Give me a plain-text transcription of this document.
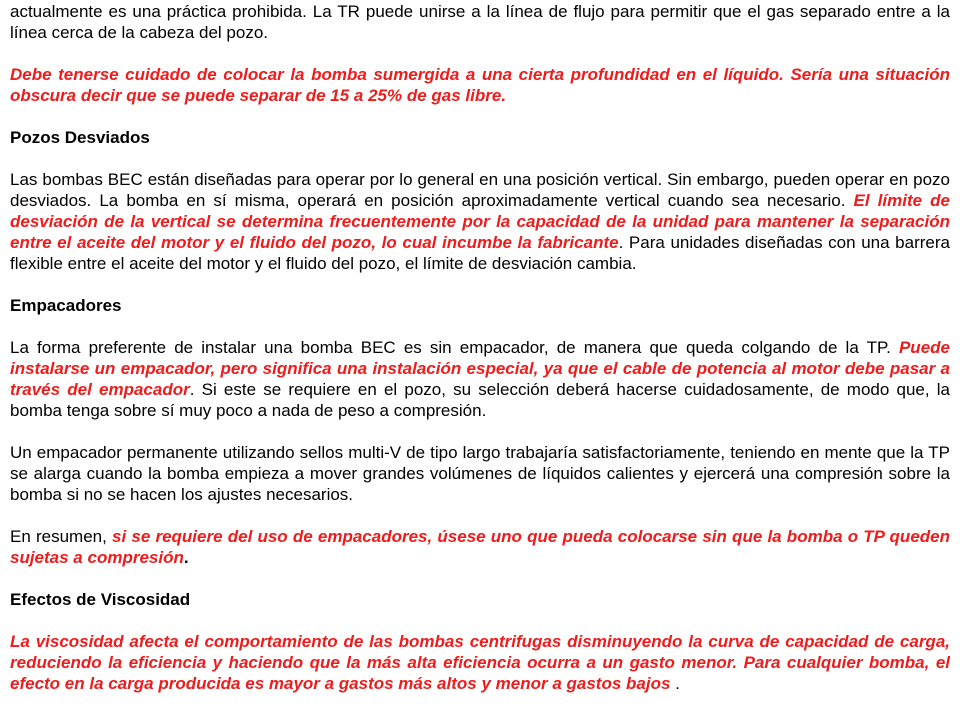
actualmente es una práctica prohibida. La TR puede unirse a la línea de flujo para permitir que el gas separado entre a la línea cerca de la cabeza del pozo.

Debe tenerse cuidado de colocar la bomba sumergida a una cierta profundidad en el líquido. Sería una situación obscura decir que se puede separar de 15 a 25% de gas libre.

Pozos Desviados

Las bombas BEC están diseñadas para operar por lo general en una posición vertical. Sin embargo, pueden operar en pozo desviados. La bomba en sí misma, operará en posición aproximadamente vertical cuando sea necesario. El límite de desviación de la vertical se determina frecuentemente por la capacidad de la unidad para mantener la separación entre el aceite del motor y el fluido del pozo, lo cual incumbe la fabricante. Para unidades diseñadas con una barrera flexible entre el aceite del motor y el fluido del pozo, el límite de desviación cambia.

Empacadores

La forma preferente de instalar una bomba BEC es sin empacador, de manera que queda colgando de la TP. Puede instalarse un empacador, pero significa una instalación especial, ya que el cable de potencia al motor debe pasar a través del empacador. Si este se requiere en el pozo, su selección deberá hacerse cuidadosamente, de modo que, la bomba tenga sobre sí muy poco a nada de peso a compresión.

Un empacador permanente utilizando sellos multi-V de tipo largo trabajaría satisfactoriamente, teniendo en mente que la TP se alarga cuando la bomba empieza a mover grandes volúmenes de líquidos calientes y ejercerá una compresión sobre la bomba si no se hacen los ajustes necesarios.

En resumen, si se requiere del uso de empacadores, úsese uno que pueda colocarse sin que la bomba o TP queden sujetas a compresión.

Efectos de Viscosidad

La viscosidad afecta el comportamiento de las bombas centrifugas disminuyendo la curva de capacidad de carga, reduciendo la eficiencia y haciendo que la más alta eficiencia ocurra a un gasto menor. Para cualquier bomba, el efecto en la carga producida es mayor a gastos más altos y menor a gastos bajos .
